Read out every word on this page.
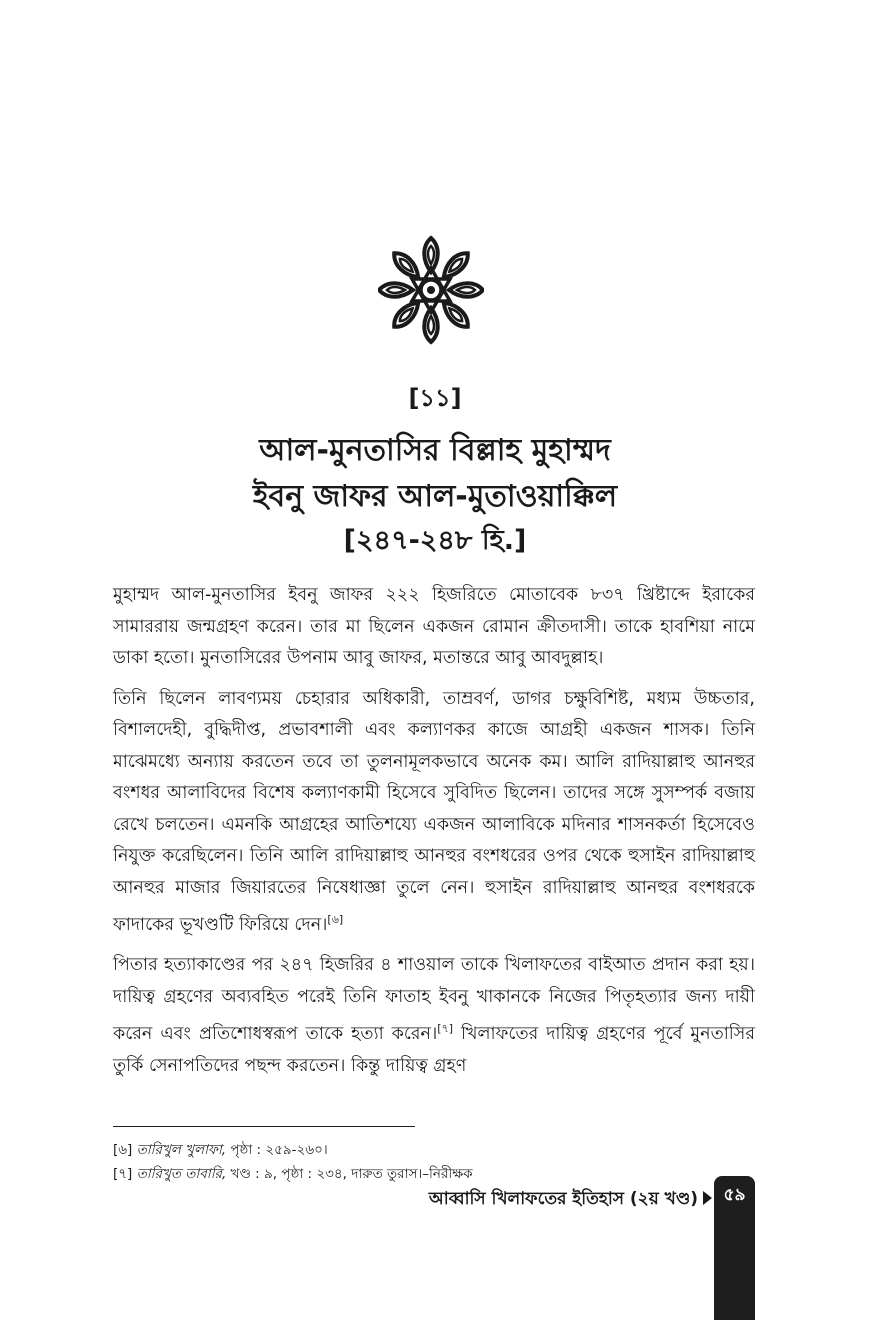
[১১]
আল-মুনতাসির বিল্লাহ মুহাম্মদ
ইবনু জাফর আল-মুতাওয়াক্কিল
[২৪৭-২৪৮ হি.]

মুহাম্মদ আল-মুনতাসির ইবনু জাফর ২২২ হিজরিতে মোতাবেক ৮৩৭ খ্রিষ্টাব্দে ইরাকের সামাররায় জন্মগ্রহণ করেন। তার মা ছিলেন একজন রোমান ক্রীতদাসী। তাকে হাবশিয়া নামে ডাকা হতো। মুনতাসিরের উপনাম আবু জাফর, মতান্তরে আবু আবদুল্লাহ।

তিনি ছিলেন লাবণ্যময় চেহারার অধিকারী, তাম্রবর্ণ, ডাগর চক্ষুবিশিষ্ট, মধ্যম উচ্চতার, বিশালদেহী, বুদ্ধিদীপ্ত, প্রভাবশালী এবং কল্যাণকর কাজে আগ্রহী একজন শাসক। তিনি মাঝেমধ্যে অন্যায় করতেন তবে তা তুলনামূলকভাবে অনেক কম। আলি রাদিয়াল্লাহু আনহুর বংশধর আলাবিদের বিশেষ কল্যাণকামী হিসেবে সুবিদিত ছিলেন। তাদের সঙ্গে সুসম্পর্ক বজায় রেখে চলতেন। এমনকি আগ্রহের আতিশয্যে একজন আলাবিকে মদিনার শাসনকর্তা হিসেবেও নিযুক্ত করেছিলেন। তিনি আলি রাদিয়াল্লাহু আনহুর বংশধরের ওপর থেকে হুসাইন রাদিয়াল্লাহু আনহুর মাজার জিয়ারতের নিষেধাজ্ঞা তুলে নেন। হুসাইন রাদিয়াল্লাহু আনহুর বংশধরকে ফাদাকের ভূখণ্ডটি ফিরিয়ে দেন।[৬]

পিতার হত্যাকাণ্ডের পর ২৪৭ হিজরির ৪ শাওয়াল তাকে খিলাফতের বাইআত প্রদান করা হয়। দায়িত্ব গ্রহণের অব্যবহিত পরেই তিনি ফাতাহ ইবনু খাকানকে নিজের পিতৃহত্যার জন্য দায়ী করেন এবং প্রতিশোধস্বরূপ তাকে হত্যা করেন।[৭] খিলাফতের দায়িত্ব গ্রহণের পূর্বে মুনতাসির তুর্কি সেনাপতিদের পছন্দ করতেন। কিন্তু দায়িত্ব গ্রহণ

[৬] তারিখুল খুলাফা, পৃষ্ঠা : ২৫৯-২৬০।
[৭] তারিখুত তাবারি, খণ্ড : ৯, পৃষ্ঠা : ২৩৪, দারুত তুরাস।–নিরীক্ষক
আব্বাসি খিলাফতের ইতিহাস (২য় খণ্ড)	৫৯
